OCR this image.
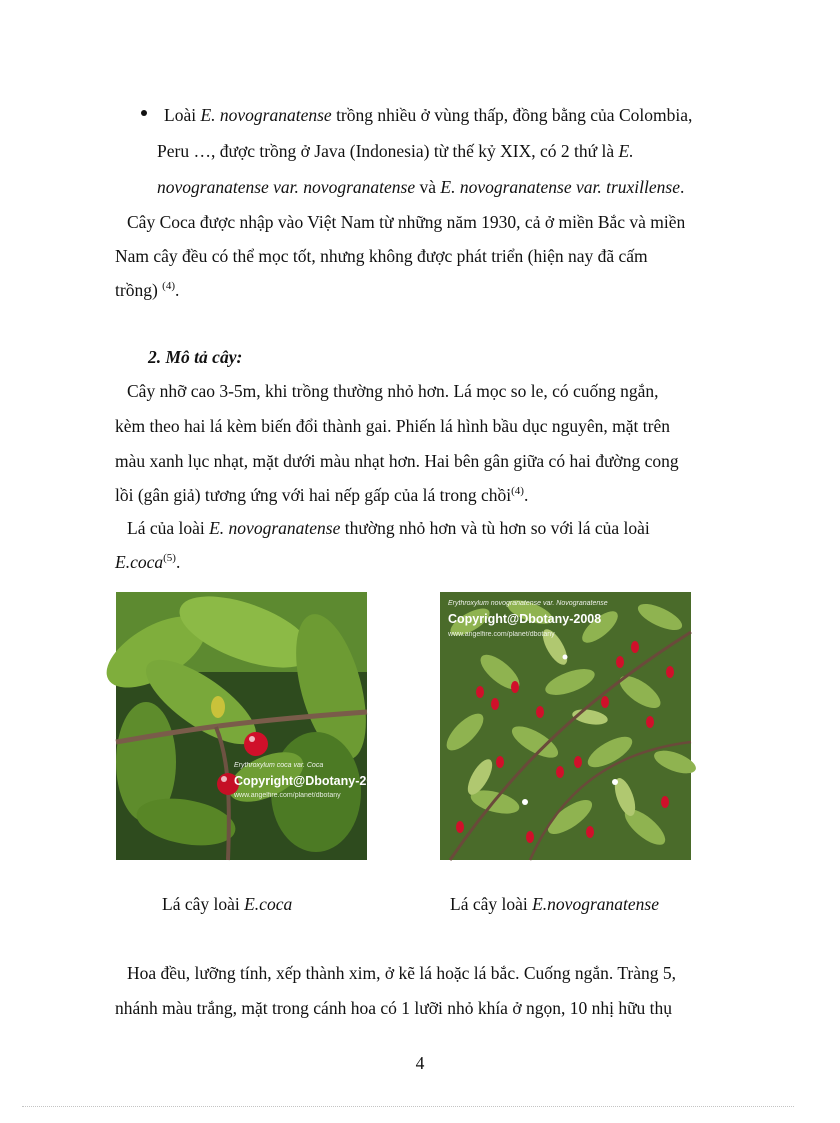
Loài E. novogranatense trồng nhiều ở vùng thấp, đồng bằng của Colombia,
Peru …, được trồng ở Java (Indonesia) từ thế kỷ XIX, có 2 thứ là E.
novogranatense var. novogranatense và E. novogranatense var. truxillense.
Cây Coca được nhập vào Việt Nam từ những năm 1930, cả ở miền Bắc và miền
Nam cây đều có thể mọc tốt, nhưng không được phát triển (hiện nay đã cấm
trồng) $^{(4)}$.
2. Mô tả cây:
Cây nhỡ cao 3-5m, khi trồng thường nhỏ hơn. Lá mọc so le, có cuống ngắn,
kèm theo hai lá kèm biến đổi thành gai. Phiến lá hình bầu dục nguyên, mặt trên
màu xanh lục nhạt, mặt dưới màu nhạt hơn. Hai bên gân giữa có hai đường cong
lồi (gân giả) tương ứng với hai nếp gấp của lá trong chồi$^{(4)}$.
Lá của loài E. novogranatense thường nhỏ hơn và tù hơn so với lá của loài
E.coca$^{(5)}$.
Erythroxylum coca var. Coca
Copyright@Dbotany-2008
www.angelfire.com/planet/dbotany
Erythroxylum novogranatense var. Novogranatense
Copyright@Dbotany-2008
www.angelfire.com/planet/dbotany
Lá cây loài E.coca	Lá cây loài E.novogranatense
Hoa đều, lưỡng tính, xếp thành xim, ở kẽ lá hoặc lá bắc. Cuống ngắn. Tràng 5,
nhánh màu trắng, mặt trong cánh hoa có 1 lưỡi nhỏ khía ở ngọn, 10 nhị hữu thụ
4
